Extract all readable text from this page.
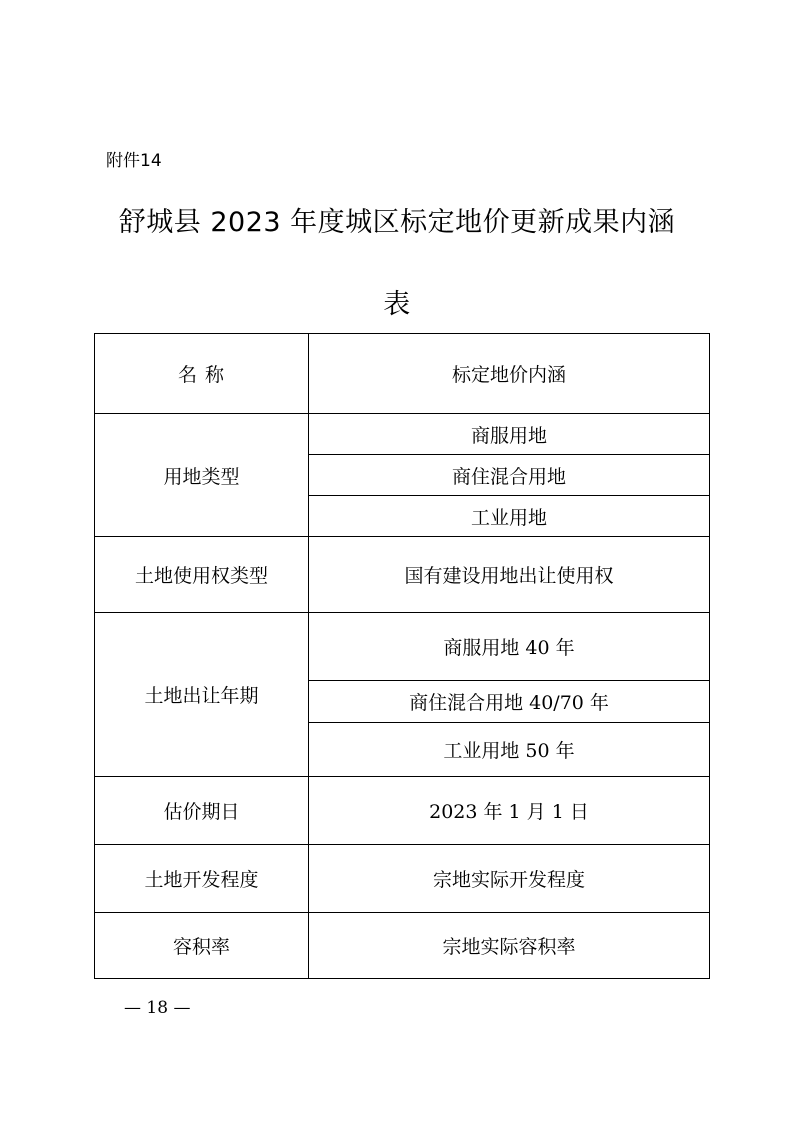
附件14
舒城县 2023 年度城区标定地价更新成果内涵
表
名 称	标定地价内涵
用地类型	商服用地
	商住混合用地
	工业用地
土地使用权类型	国有建设用地出让使用权
土地出让年期	商服用地 40 年
	商住混合用地 40/70 年
	工业用地 50 年
估价期日	2023 年 1 月 1 日
土地开发程度	宗地实际开发程度
容积率	宗地实际容积率
— 18 —
